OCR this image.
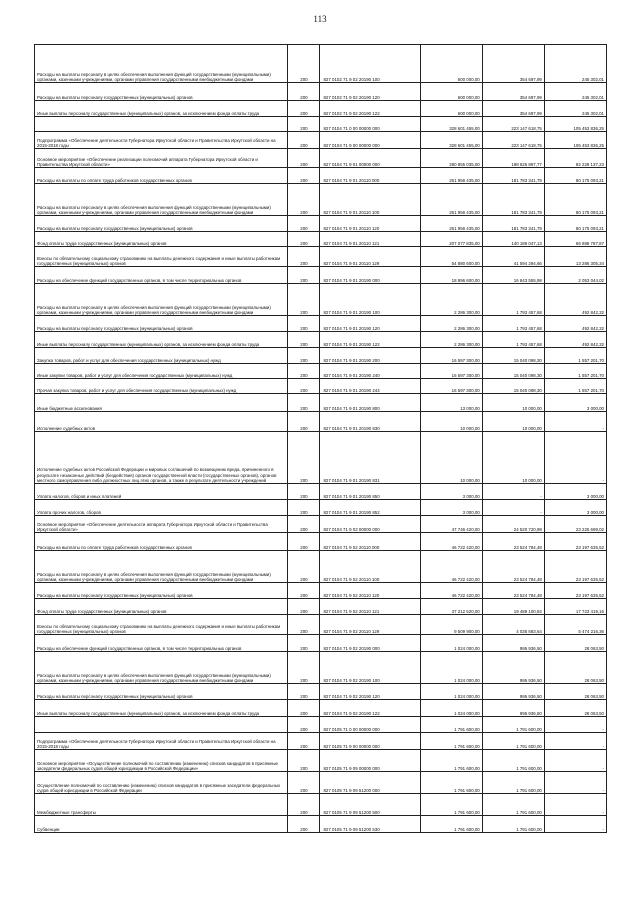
113
Расходы на выплаты персоналу в целях обеспечения выполнения функций государственными (муниципальными) органами, казенными учреждениями, органами управления государственными внебюджетными фондами	200	827 0102 71 9 02 20190 100	600 000,00	354 697,99	245 302,01
Расходы на выплаты персоналу государственных (муниципальных) органов	200	827 0102 71 9 02 20190 120	600 000,00	354 697,99	245 302,01
Иные выплаты персоналу государственных (муниципальных) органов, за исключением фонда оплаты труда	200	827 0102 71 9 02 20190 122	600 000,00	354 697,99	245 302,01
	200	827 0104 71 0 00 00000 000	328 601 455,00	223 147 618,75	105 453 836,25
Подпрограмма «Обеспечение деятельности Губернатора Иркутской области и Правительства Иркутской области на 2015-2018 годы	200	827 0104 71 9 00 00000 000	328 601 455,00	223 147 618,75	105 453 836,25
Основное мероприятие «Обеспечение реализации полномочий аппарата Губернатора Иркутской области и Правительства Иркутской области»	200	827 0104 71 9 01 00000 000	280 855 035,00	198 626 897,77	82 228 137,23
Расходы на выплаты по оплате труда работников государственных органов	200	827 0104 71 9 01 20110 000	261 956 435,00	181 783 341,79	80 175 093,21
Расходы на выплаты персоналу в целях обеспечения выполнения функций государственными (муниципальными) органами, казенными учреждениями, органами управления государственными внебюджетными фондами	200	827 0104 71 9 01 20110 100	261 956 435,00	181 783 341,79	80 175 093,21
Расходы на выплаты персоналу государственных (муниципальных) органов	200	827 0104 71 9 01 20110 120	261 956 435,00	181 783 341,79	80 175 093,21
Фонд оплаты труда государственных (муниципальных) органов	200	827 0104 71 9 01 20110 121	207 077 835,00	140 189 047,13	66 888 787,87
Взносы по обязательному социальному страхованию на выплаты денежного содержания и иные выплаты работникам государственных (муниципальных) органов	200	827 0104 71 9 01 20110 129	54 880 600,00	41 594 294,66	13 286 305,34
Расходы на обеспечение функций государственных органов, в том числе территориальных органов	200	827 0104 71 9 01 20190 000	18 896 600,00	16 843 555,98	2 053 044,02
Расходы на выплаты персоналу в целях обеспечения выполнения функций государственными (муниципальными) органами, казенными учреждениями, органами управления государственными внебюджетными фондами	200	827 0104 71 9 01 20190 100	2 286 300,00	1 793 457,68	492 842,32
Расходы на выплаты персоналу государственных (муниципальных) органов	200	827 0104 71 9 01 20190 120	2 286 300,00	1 793 457,68	492 842,32
Иные выплаты персоналу государственных (муниципальных) органов, за исключением фонда оплаты труда	200	827 0104 71 9 01 20190 122	2 286 300,00	1 793 457,68	492 842,32
Закупка товаров, работ и услуг для обеспечения государственных (муниципальных) нужд	200	827 0104 71 9 01 20190 200	16 597 300,00	15 040 098,30	1 557 201,70
Иные закупки товаров, работ и услуг для обеспечения государственных (муниципальных) нужд	200	827 0104 71 9 01 20190 240	16 597 300,00	15 040 098,30	1 557 201,70
Прочая закупка товаров, работ и услуг для обеспечения государственных (муниципальных) нужд	200	827 0104 71 9 01 20190 244	16 597 300,00	15 040 098,30	1 557 201,70
Иные бюджетные ассигнования	200	827 0104 71 9 01 20190 800	13 000,00	10 000,00	3 000,00
Исполнение судебных актов	200	827 0104 71 9 01 20190 830	10 000,00	10 000,00	-
Исполнение судебных актов Российской Федерации и мировых соглашений по возмещению вреда, причиненного в результате незаконных действий (бездействия) органов государственной власти (государственных органов), органов местного самоуправления либо должностных лиц этих органов, а также в результате деятельности учреждений	200	827 0104 71 9 01 20190 831	10 000,00	10 000,00	-
Уплата налогов, сборов и иных платежей	200	827 0104 71 9 01 20190 850	3 000,00	-	3 000,00
Уплата прочих налогов, сборов	200	827 0104 71 9 01 20190 852	3 000,00	-	3 000,00
Основное мероприятие «Обеспечение деятельности аппарата Губернатора Иркутской области и Правительства Иркутской области»	200	827 0104 71 9 02 00000 000	47 746 420,00	24 520 720,98	23 225 699,02
Расходы на выплаты по оплате труда работников государственных органов	200	827 0104 71 9 02 20110 000	46 722 420,00	23 524 784,48	23 197 635,52
Расходы на выплаты персоналу в целях обеспечения выполнения функций государственными (муниципальными) органами, казенными учреждениями, органами управления государственными внебюджетными фондами	200	827 0104 71 9 02 20110 100	46 722 420,00	23 524 784,48	23 197 635,52
Расходы на выплаты персоналу государственных (муниципальных) органов	200	827 0104 71 9 02 20110 120	46 722 420,00	23 524 784,48	23 197 635,52
Фонд оплаты труда государственных (муниципальных) органов	200	827 0104 71 9 02 20110 121	37 212 520,00	19 489 100,84	17 723 419,16
Взносы по обязательному социальному страхованию на выплаты денежного содержания и иные выплаты работникам государственных (муниципальных) органов	200	827 0104 71 9 02 20110 129	9 509 900,00	4 035 683,64	5 474 216,36
Расходы на обеспечение функций государственных органов, в том числе территориальных органов	200	827 0104 71 9 02 20190 000	1 024 000,00	995 936,50	28 063,50
Расходы на выплаты персоналу в целях обеспечения выполнения функций государственными (муниципальными) органами, казенными учреждениями, органами управления государственными внебюджетными фондами	200	827 0104 71 9 02 20190 100	1 024 000,00	995 936,50	28 063,50
Расходы на выплаты персоналу государственных (муниципальных) органов	200	827 0104 71 9 02 20190 120	1 024 000,00	995 936,50	28 063,50
Иные выплаты персоналу государственных (муниципальных) органов, за исключением фонда оплаты труда	200	827 0104 71 9 02 20190 122	1 024 000,00	995 936,50	28 063,50
	200	827 0105 71 0 00 00000 000	1 791 600,00	1 791 600,00	-
Подпрограмма «Обеспечение деятельности Губернатора Иркутской области и Правительства Иркутской области на 2015-2018 годы	200	827 0105 71 9 00 00000 000	1 791 600,00	1 791 600,00	-
Основное мероприятие «Осуществление полномочий по составлению (изменению) списков кандидатов в присяжные заседатели федеральных судов общей юрисдикции в Российской Федерации»	200	827 0105 71 9 09 00000 000	1 791 600,00	1 791 600,00	-
Осуществление полномочий по составлению (изменению) списков кандидатов в присяжные заседатели федеральных судов общей юрисдикции в Российской Федерации	200	827 0105 71 9 09 51200 000	1 791 600,00	1 791 600,00	-
Межбюджетные трансферты	200	827 0105 71 9 09 51200 500	1 791 600,00	1 791 600,00	-
Субвенции	200	827 0105 71 9 09 51200 530	1 791 600,00	1 791 600,00	-
